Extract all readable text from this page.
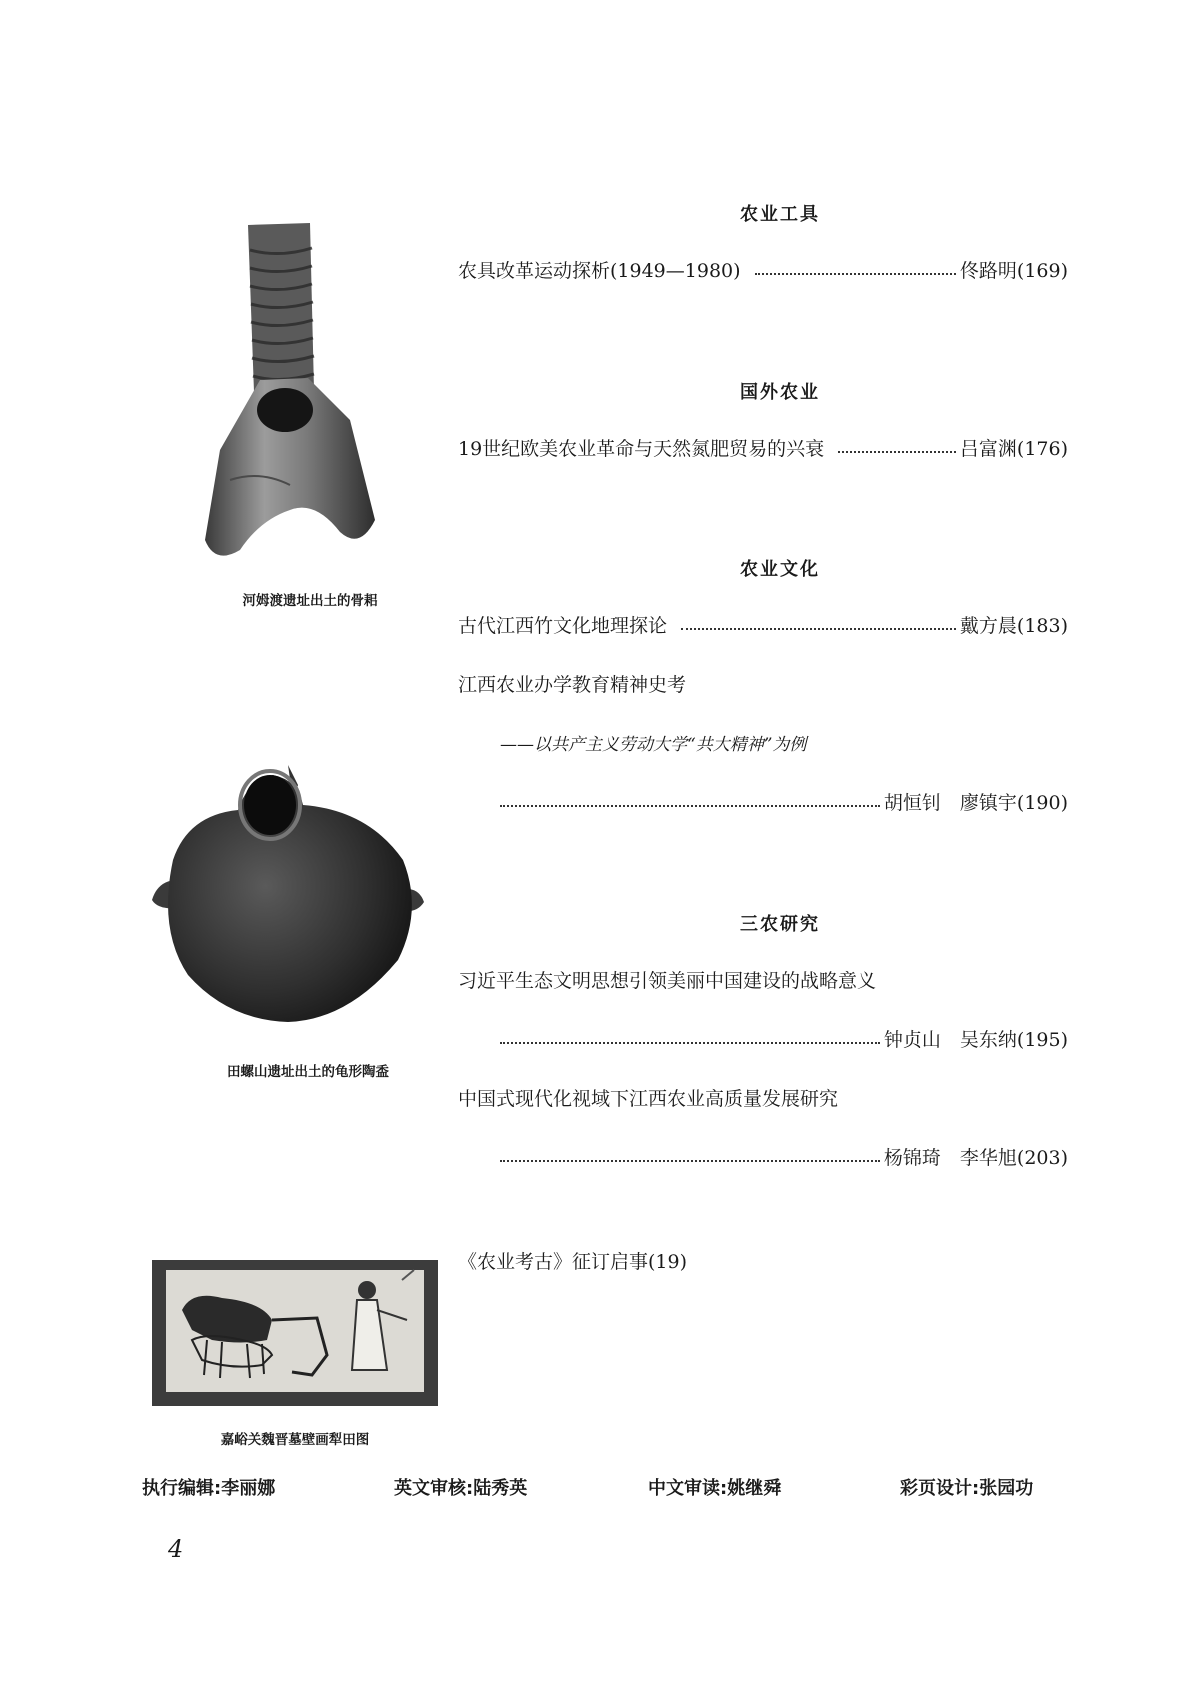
河姆渡遗址出土的骨耜
田螺山遗址出土的龟形陶盉
嘉峪关魏晋墓壁画犁田图
农业工具
农具改革运动探析(1949—1980)	佟路明(169)
国外农业
19世纪欧美农业革命与天然氮肥贸易的兴衰	吕富渊(176)
农业文化
古代江西竹文化地理探论	戴方晨(183)
江西农业办学教育精神史考
——以共产主义劳动大学“共大精神”为例
胡恒钊　廖镇宇(190)
三农研究
习近平生态文明思想引领美丽中国建设的战略意义
钟贞山　吴东纳(195)
中国式现代化视域下江西农业高质量发展研究
杨锦琦　李华旭(203)
《农业考古》征订启事(19)
执行编辑:李丽娜	英文审核:陆秀英	中文审读:姚继舜	彩页设计:张园功
4
